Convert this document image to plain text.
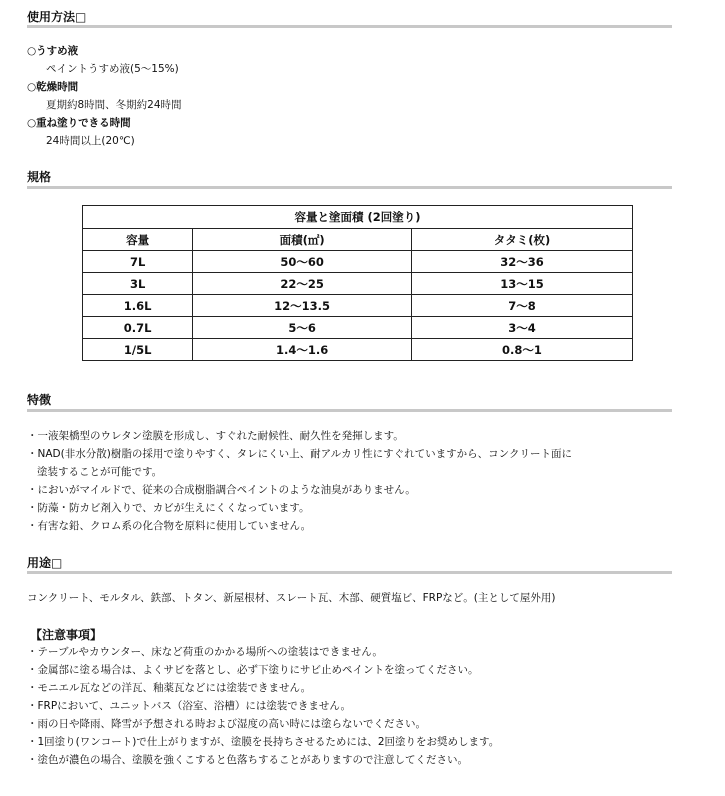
使用方法□
○うすめ液
ペイントうすめ液(5～15%)
○乾燥時間
夏期約8時間、冬期約24時間
○重ね塗りできる時間
24時間以上(20℃)
規格
容量と塗面積 (2回塗り)		
容量	面積(㎡)	タタミ(枚)
7L	50～60	32～36
3L	22～25	13～15
1.6L	12～13.5	7～8
0.7L	5～6	3～4
1/5L	1.4～1.6	0.8～1
特徴
・一液架橋型のウレタン塗膜を形成し、すぐれた耐候性、耐久性を発揮します。
・NAD(非水分散)樹脂の採用で塗りやすく、タレにくい上、耐アルカリ性にすぐれていますから、コンクリート面に
塗装することが可能です。
・においがマイルドで、従来の合成樹脂調合ペイントのような油臭がありません。
・防藻・防カビ剤入りで、カビが生えにくくなっています。
・有害な鉛、クロム系の化合物を原料に使用していません。
用途□
コンクリート、モルタル、鉄部、トタン、新屋根材、スレート瓦、木部、硬質塩ビ、FRPなど。(主として屋外用)
【注意事項】
・テーブルやカウンター、床など荷重のかかる場所への塗装はできません。
・金属部に塗る場合は、よくサビを落とし、必ず下塗りにサビ止めペイントを塗ってください。
・モニエル瓦などの洋瓦、釉薬瓦などには塗装できません。
・FRPにおいて、ユニットバス（浴室、浴槽）には塗装できません。
・雨の日や降雨、降雪が予想される時および湿度の高い時には塗らないでください。
・1回塗り(ワンコート)で仕上がりますが、塗膜を長持ちさせるためには、2回塗りをお奨めします。
・塗色が濃色の場合、塗膜を強くこすると色落ちすることがありますので注意してください。
